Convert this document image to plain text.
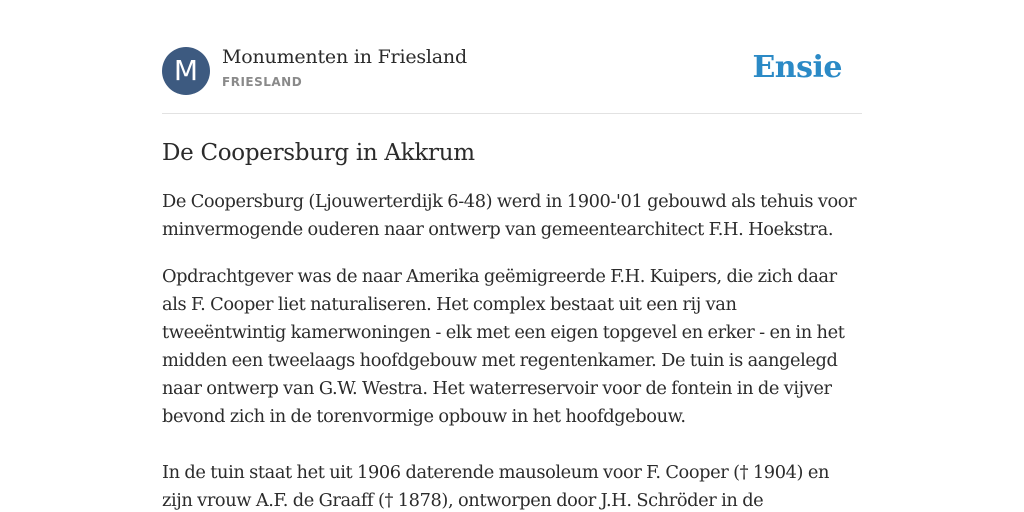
M	Monumenten in Friesland
FRIESLAND	Ensie
De Coopersburg in Akkrum

De Coopersburg (Ljouwerterdijk 6-48) werd in 1900-'01 gebouwd als tehuis voor minvermogende ouderen naar ontwerp van gemeentearchitect F.H. Hoekstra.

Opdrachtgever was de naar Amerika geëmigreerde F.H. Kuipers, die zich daar als F. Cooper liet naturaliseren. Het complex bestaat uit een rij van tweeëntwintig kamerwoningen - elk met een eigen topgevel en erker - en in het midden een tweelaags hoofdgebouw met regentenkamer. De tuin is aangelegd naar ontwerp van G.W. Westra. Het waterreservoir voor de fontein in de vijver bevond zich in de torenvormige opbouw in het hoofdgebouw.

In de tuin staat het uit 1906 daterende mausoleum voor F. Cooper († 1904) en zijn vrouw A.F. de Graaff († 1878), ontworpen door J.H. Schröder in de
